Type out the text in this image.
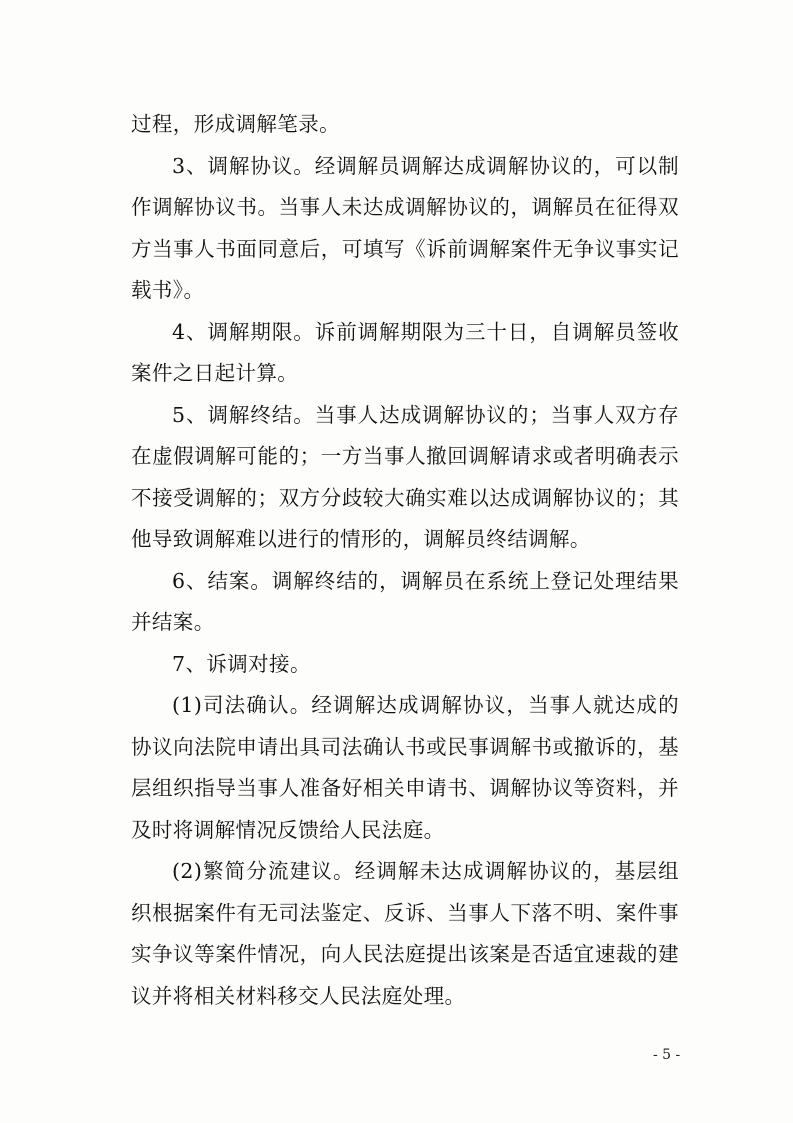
过程，形成调解笔录。

3、调解协议。经调解员调解达成调解协议的，可以制作调解协议书。当事人未达成调解协议的，调解员在征得双方当事人书面同意后，可填写《诉前调解案件无争议事实记载书》。

4、调解期限。诉前调解期限为三十日，自调解员签收案件之日起计算。

5、调解终结。当事人达成调解协议的；当事人双方存在虚假调解可能的；一方当事人撤回调解请求或者明确表示不接受调解的；双方分歧较大确实难以达成调解协议的；其他导致调解难以进行的情形的，调解员终结调解。

6、结案。调解终结的，调解员在系统上登记处理结果并结案。

7、诉调对接。

(1)司法确认。经调解达成调解协议，当事人就达成的协议向法院申请出具司法确认书或民事调解书或撤诉的，基层组织指导当事人准备好相关申请书、调解协议等资料，并及时将调解情况反馈给人民法庭。

(2)繁简分流建议。经调解未达成调解协议的，基层组织根据案件有无司法鉴定、反诉、当事人下落不明、案件事实争议等案件情况，向人民法庭提出该案是否适宜速裁的建议并将相关材料移交人民法庭处理。

- 5 -
